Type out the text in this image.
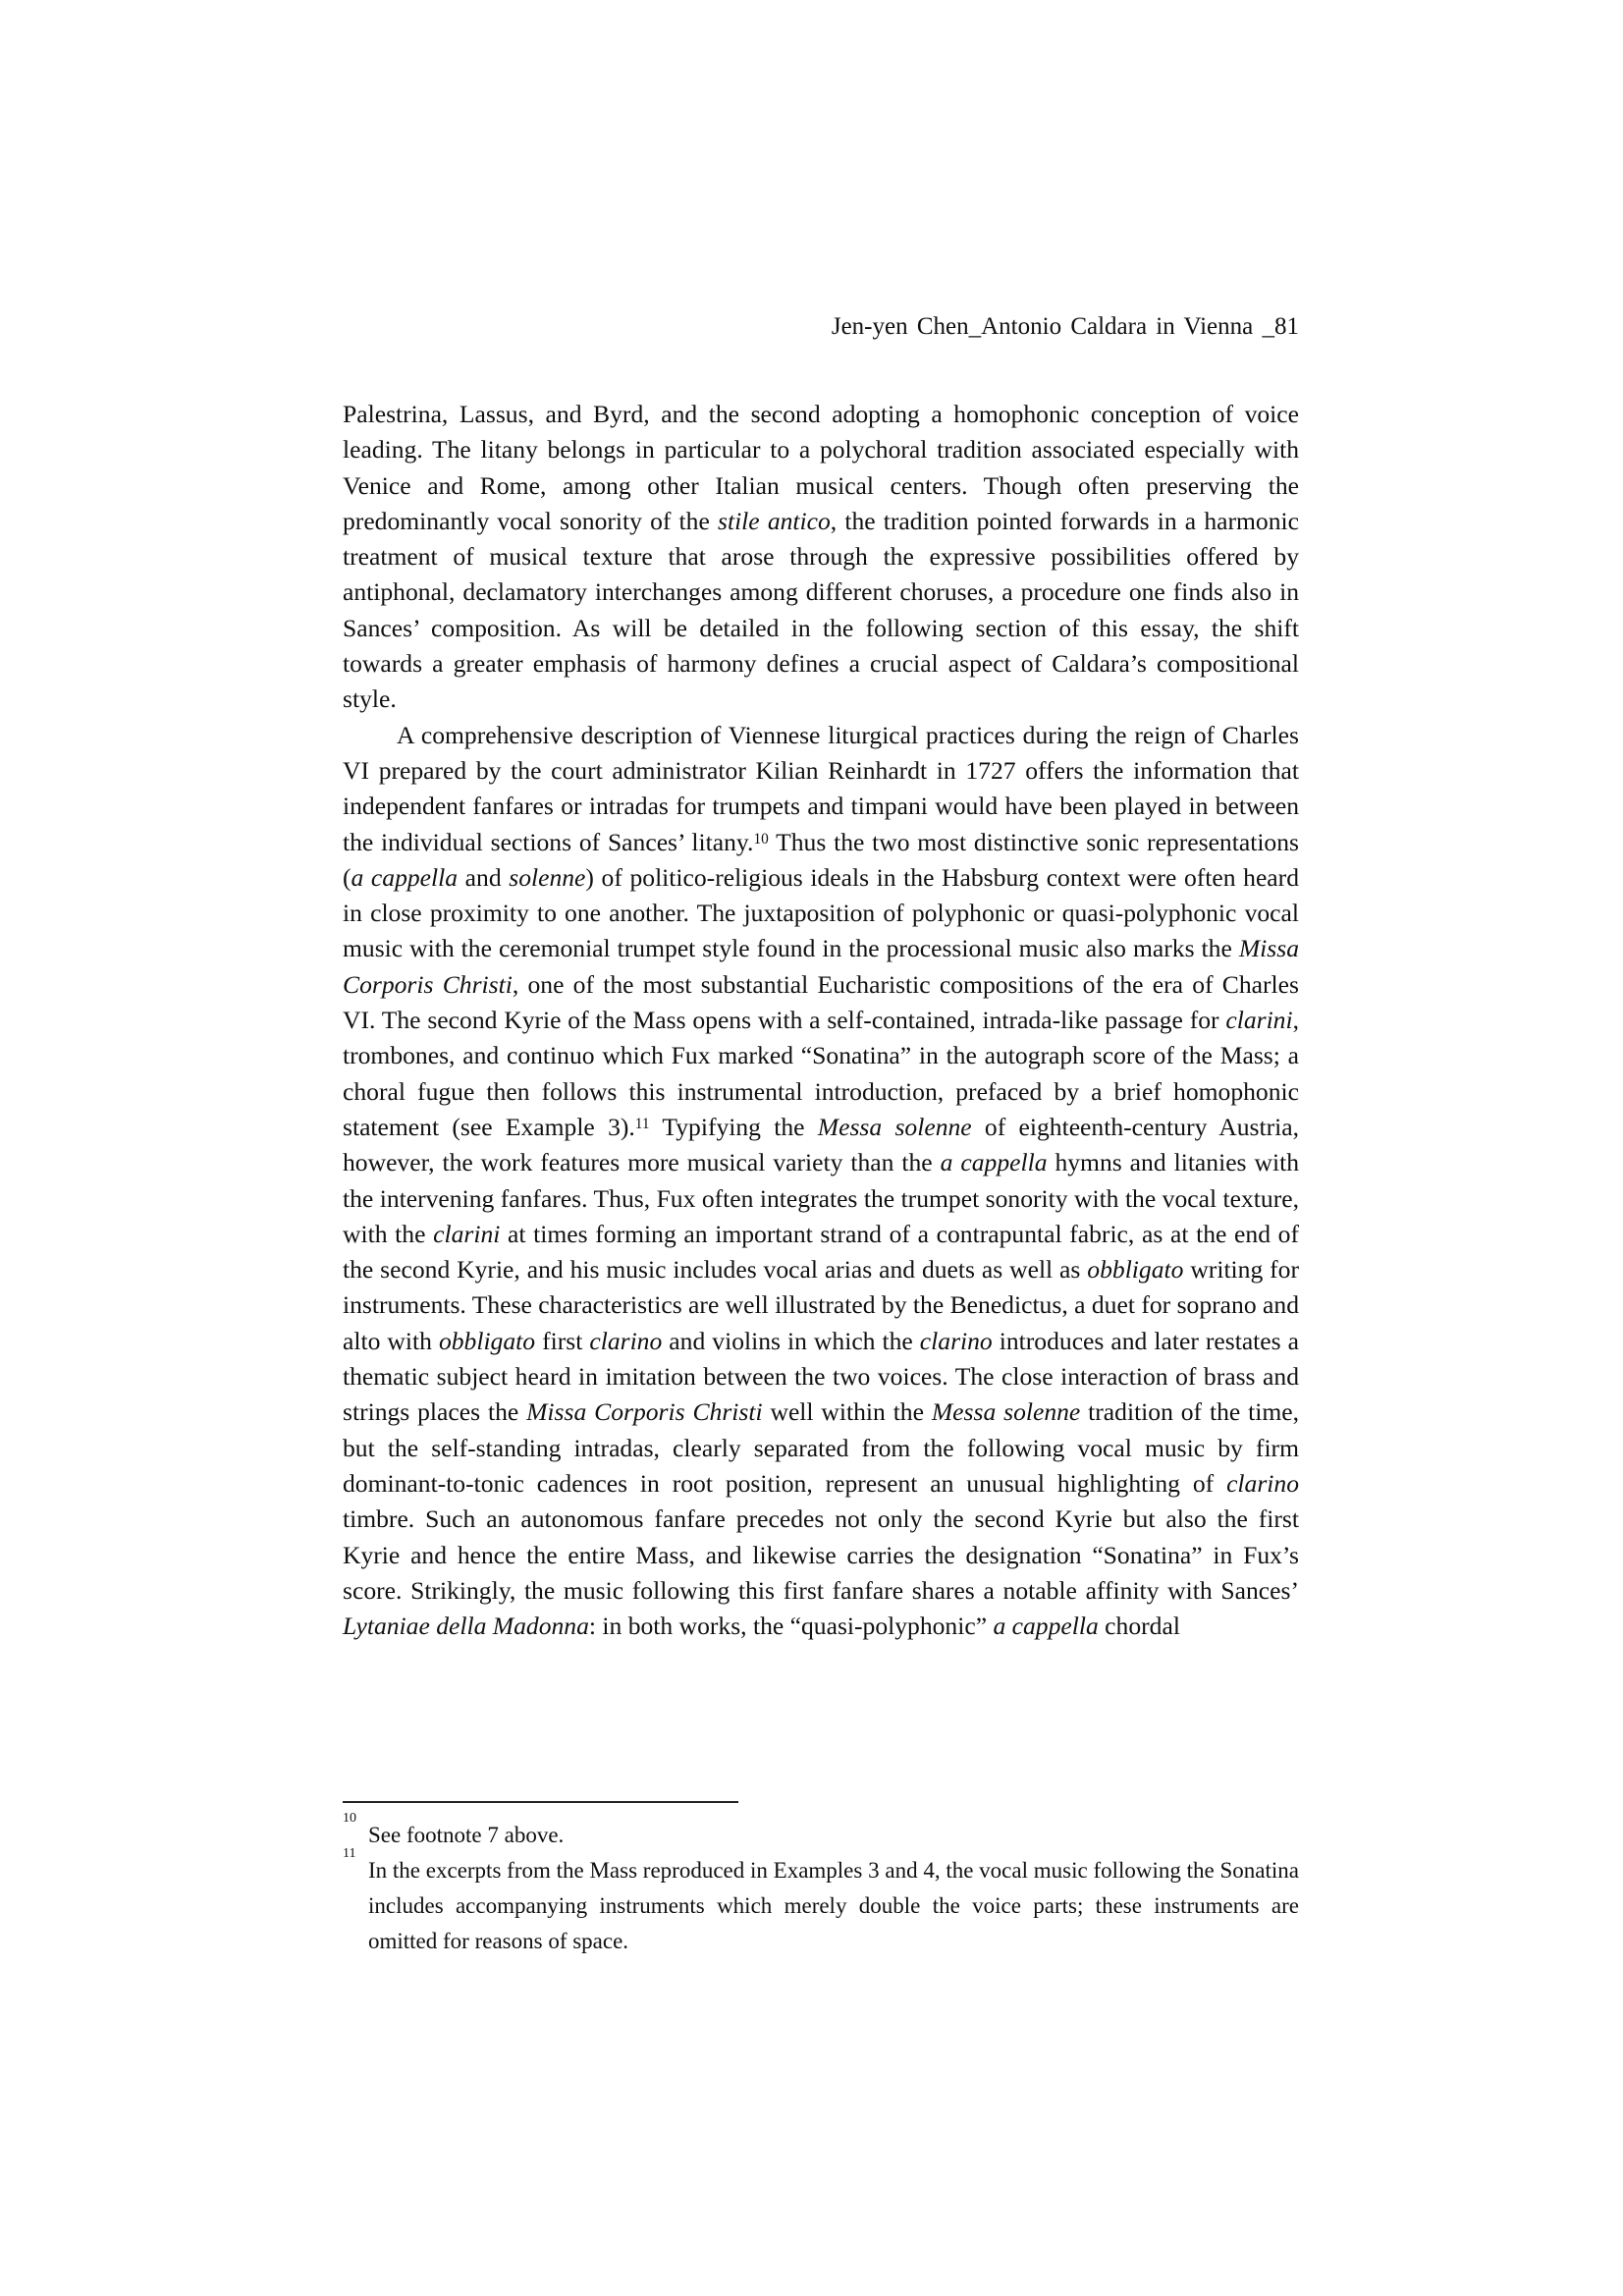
Jen-yen Chen_Antonio Caldara in Vienna _81

Palestrina, Lassus, and Byrd, and the second adopting a homophonic conception of voice leading. The litany belongs in particular to a polychoral tradition associated especially with Venice and Rome, among other Italian musical centers. Though often preserving the predominantly vocal sonority of the stile antico, the tradition pointed forwards in a harmonic treatment of musical texture that arose through the expressive possibilities offered by antiphonal, declamatory interchanges among different choruses, a procedure one finds also in Sances’ composition. As will be detailed in the following section of this essay, the shift towards a greater emphasis of harmony defines a crucial aspect of Caldara’s compositional style.

A comprehensive description of Viennese liturgical practices during the reign of Charles VI prepared by the court administrator Kilian Reinhardt in 1727 offers the information that independent fanfares or intradas for trumpets and timpani would have been played in between the individual sections of Sances’ litany.$^{10}$ Thus the two most distinctive sonic representations (a cappella and solenne) of politico-religious ideals in the Habsburg context were often heard in close proximity to one another. The juxtaposition of polyphonic or quasi-polyphonic vocal music with the ceremonial trumpet style found in the processional music also marks the Missa Corporis Christi, one of the most substantial Eucharistic compositions of the era of Charles VI. The second Kyrie of the Mass opens with a self-contained, intrada-like passage for clarini, trombones, and continuo which Fux marked “Sonatina” in the autograph score of the Mass; a choral fugue then follows this instrumental introduction, prefaced by a brief homophonic statement (see Example 3).$^{11}$ Typifying the Messa solenne of eighteenth-century Austria, however, the work features more musical variety than the a cappella hymns and litanies with the intervening fanfares. Thus, Fux often integrates the trumpet sonority with the vocal texture, with the clarini at times forming an important strand of a contrapuntal fabric, as at the end of the second Kyrie, and his music includes vocal arias and duets as well as obbligato writing for instruments. These characteristics are well illustrated by the Benedictus, a duet for soprano and alto with obbligato first clarino and violins in which the clarino introduces and later restates a thematic subject heard in imitation between the two voices. The close interaction of brass and strings places the Missa Corporis Christi well within the Messa solenne tradition of the time, but the self-standing intradas, clearly separated from the following vocal music by firm dominant-to-tonic cadences in root position, represent an unusual highlighting of clarino timbre. Such an autonomous fanfare precedes not only the second Kyrie but also the first Kyrie and hence the entire Mass, and likewise carries the designation “Sonatina” in Fux’s score. Strikingly, the music following this first fanfare shares a notable affinity with Sances’ Lytaniae della Madonna: in both works, the “quasi-polyphonic” a cappella chordal

10
See footnote 7 above.
11
In the excerpts from the Mass reproduced in Examples 3 and 4, the vocal music following the Sonatina includes accompanying instruments which merely double the voice parts; these instruments are omitted for reasons of space.
